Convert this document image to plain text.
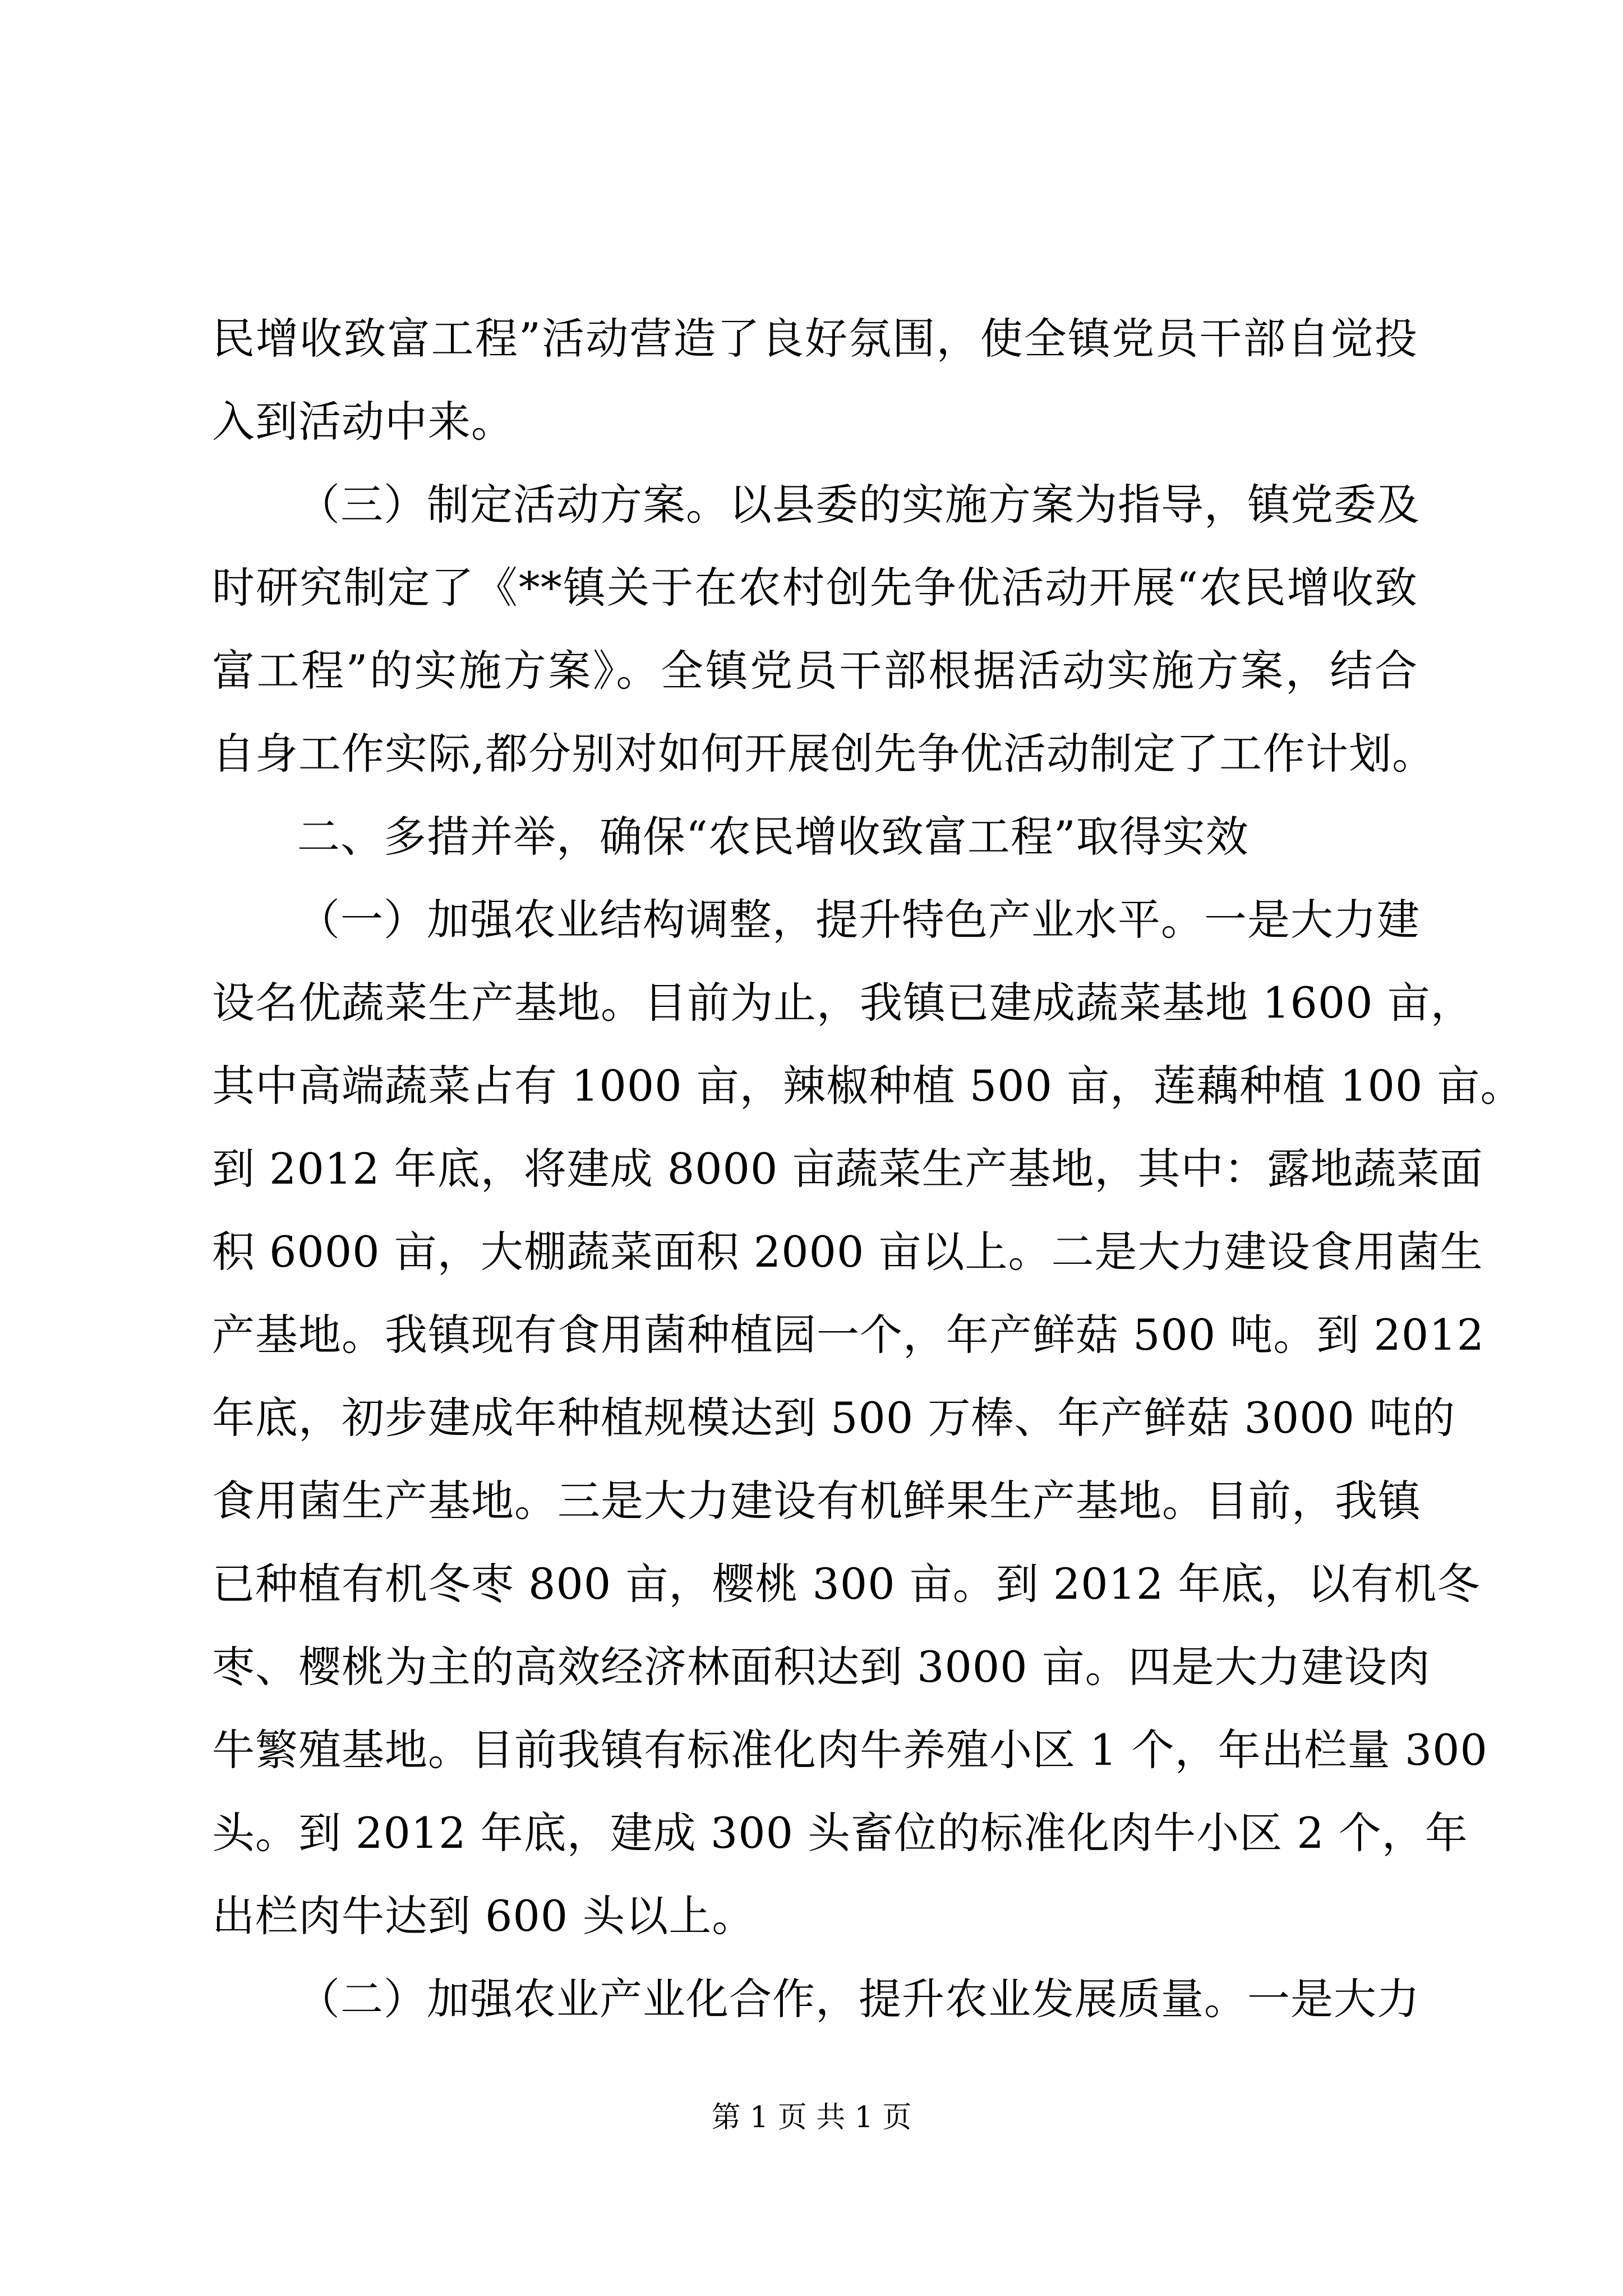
民增收致富工程”活动营造了良好氛围，使全镇党员干部自觉投
入到活动中来。
（三）制定活动方案。以县委的实施方案为指导，镇党委及
时研究制定了《**镇关于在农村创先争优活动开展“农民增收致
富工程”的实施方案》。全镇党员干部根据活动实施方案，结合
自身工作实际,都分别对如何开展创先争优活动制定了工作计划。
二、多措并举，确保“农民增收致富工程”取得实效
（一）加强农业结构调整，提升特色产业水平。一是大力建
设名优蔬菜生产基地。目前为止，我镇已建成蔬菜基地 1600 亩，
其中高端蔬菜占有 1000 亩，辣椒种植 500 亩，莲藕种植 100 亩。
到 2012 年底，将建成 8000 亩蔬菜生产基地，其中：露地蔬菜面
积 6000 亩，大棚蔬菜面积 2000 亩以上。二是大力建设食用菌生
产基地。我镇现有食用菌种植园一个，年产鲜菇 500 吨。到 2012
年底，初步建成年种植规模达到 500 万棒、年产鲜菇 3000 吨的
食用菌生产基地。三是大力建设有机鲜果生产基地。目前，我镇
已种植有机冬枣 800 亩，樱桃 300 亩。到 2012 年底，以有机冬
枣、樱桃为主的高效经济林面积达到 3000 亩。四是大力建设肉
牛繁殖基地。目前我镇有标准化肉牛养殖小区 1 个，年出栏量 300
头。到 2012 年底，建成 300 头畜位的标准化肉牛小区 2 个，年
出栏肉牛达到 600 头以上。
（二）加强农业产业化合作，提升农业发展质量。一是大力
第 1 页 共 1 页
